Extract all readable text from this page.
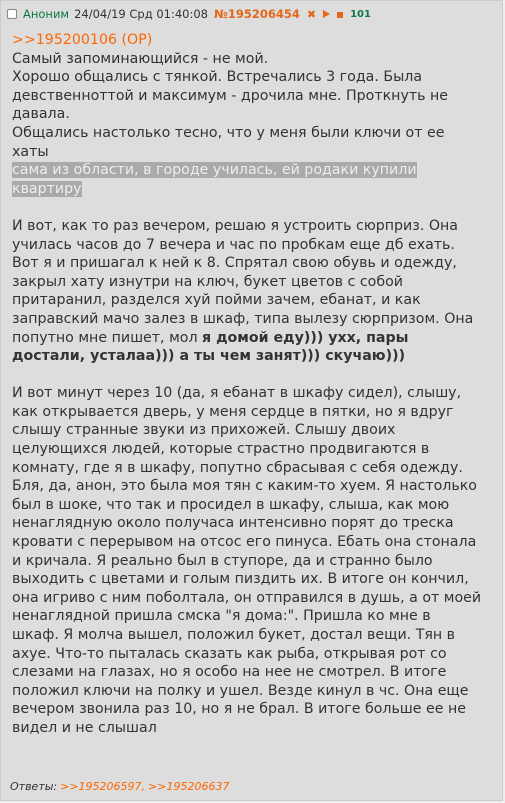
Аноним 24/04/19 Срд 01:40:08 №195206454 ✖	101

>>195200106 (OP)

Самый запоминающийся - не мой.

Хорошо общались с тянкой. Встречались 3 года. Была девственноттой и максимум - дрочила мне. Проткнуть не давала.

Общались настолько тесно, что у меня были ключи от ее хаты

сама из области, в городе училась, ей родаки купили квартиру

И вот, как то раз вечером, решаю я устроить сюрприз. Она училась часов до 7 вечера и час по пробкам еще дб ехать. Вот я и пришагал к ней к 8. Спрятал свою обувь и одежду, закрыл хату изнутри на ключ, букет цветов с собой притаранил, разделся хуй пойми зачем, ебанат, и как заправский мачо залез в шкаф, типа вылезу сюрпризом. Она попутно мне пишет, мол я домой еду))) ухх, пары достали, усталаа))) а ты чем занят))) скучаю)))

И вот минут через 10 (да, я ебанат в шкафу сидел), слышу, как открывается дверь, у меня сердце в пятки, но я вдруг слышу странные звуки из прихожей. Слышу двоих целующихся людей, которые страстно продвигаются в комнату, где я в шкафу, попутно сбрасывая с себя одежду. Бля, да, анон, это была моя тян с каким-то хуем. Я настолько был в шоке, что так и просидел в шкафу, слыша, как мою ненаглядную около получаса интенсивно порят до треска кровати с перерывом на отсос его пинуса. Ебать она стонала и кричала. Я реально был в ступоре, да и странно было выходить с цветами и голым пиздить их. В итоге он кончил, она игриво с ним поболтала, он отправился в душь, а от моей ненаглядной пришла смска "я дома:". Пришла ко мне в шкаф. Я молча вышел, положил букет, достал вещи. Тян в ахуе. Что-то пыталась сказать как рыба, открывая рот со слезами на глазах, но я особо на нее не смотрел. В итоге положил ключи на полку и ушел. Везде кинул в чс. Она еще вечером звонила раз 10, но я не брал. В итоге больше ее не видел и не слышал

Ответы: >>195206597, >>195206637
